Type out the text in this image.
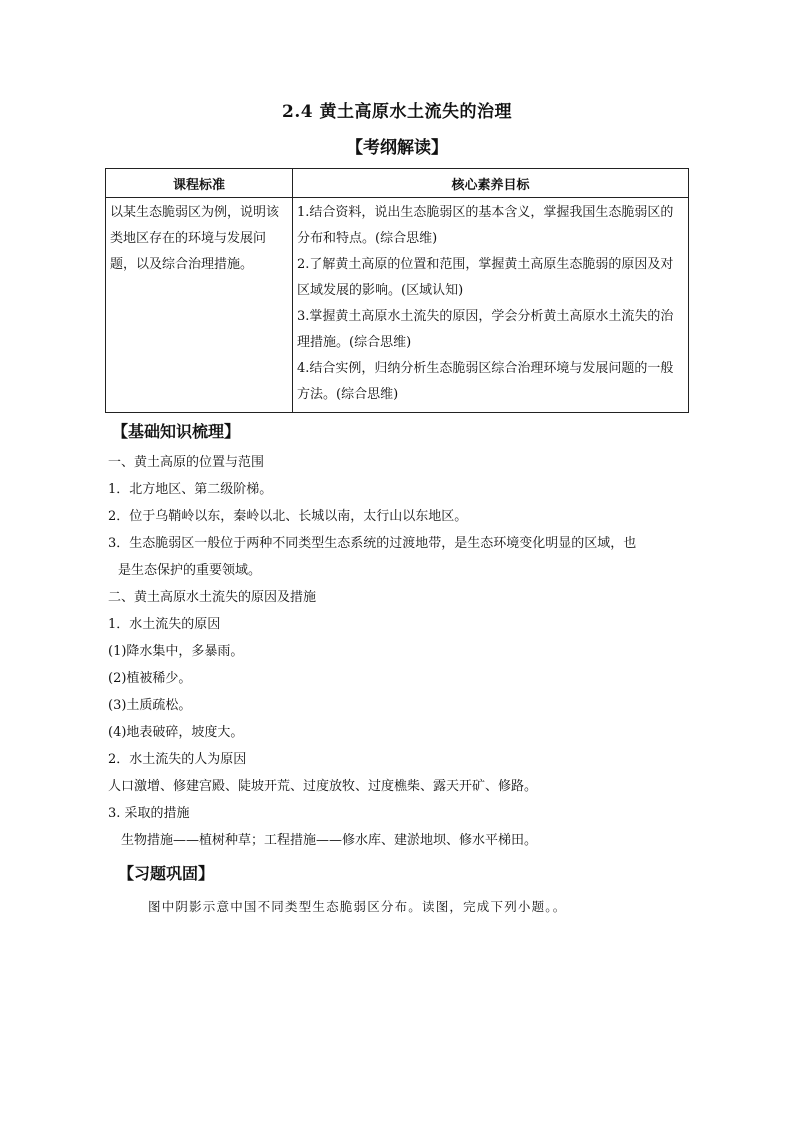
2.4 黄土高原水土流失的治理
【考纲解读】
课程标准	核心素养目标
以某生态脆弱区为例，说明该类地区存在的环境与发展问题，以及综合治理措施。	1.结合资料，说出生态脆弱区的基本含义，掌握我国生态脆弱区的分布和特点。(综合思维)
2.了解黄土高原的位置和范围，掌握黄土高原生态脆弱的原因及对区域发展的影响。(区域认知)
3.掌握黄土高原水土流失的原因，学会分析黄土高原水土流失的治理措施。(综合思维)
4.结合实例，归纳分析生态脆弱区综合治理环境与发展问题的一般方法。(综合思维)
【基础知识梳理】
一、黄土高原的位置与范围
1．北方地区、第二级阶梯。
2．位于乌鞘岭以东，秦岭以北、长城以南，太行山以东地区。
3．生态脆弱区一般位于两种不同类型生态系统的过渡地带，是生态环境变化明显的区域，也
是生态保护的重要领域。
二、黄土高原水土流失的原因及措施
1．水土流失的原因
(1)降水集中，多暴雨。
(2)植被稀少。
(3)土质疏松。
(4)地表破碎，坡度大。
2．水土流失的人为原因
人口激增、修建宫殿、陡坡开荒、过度放牧、过度樵柴、露天开矿、修路。
3. 采取的措施
生物措施——植树种草；工程措施——修水库、建淤地坝、修水平梯田。
【习题巩固】
图中阴影示意中国不同类型生态脆弱区分布。读图，完成下列小题。。
